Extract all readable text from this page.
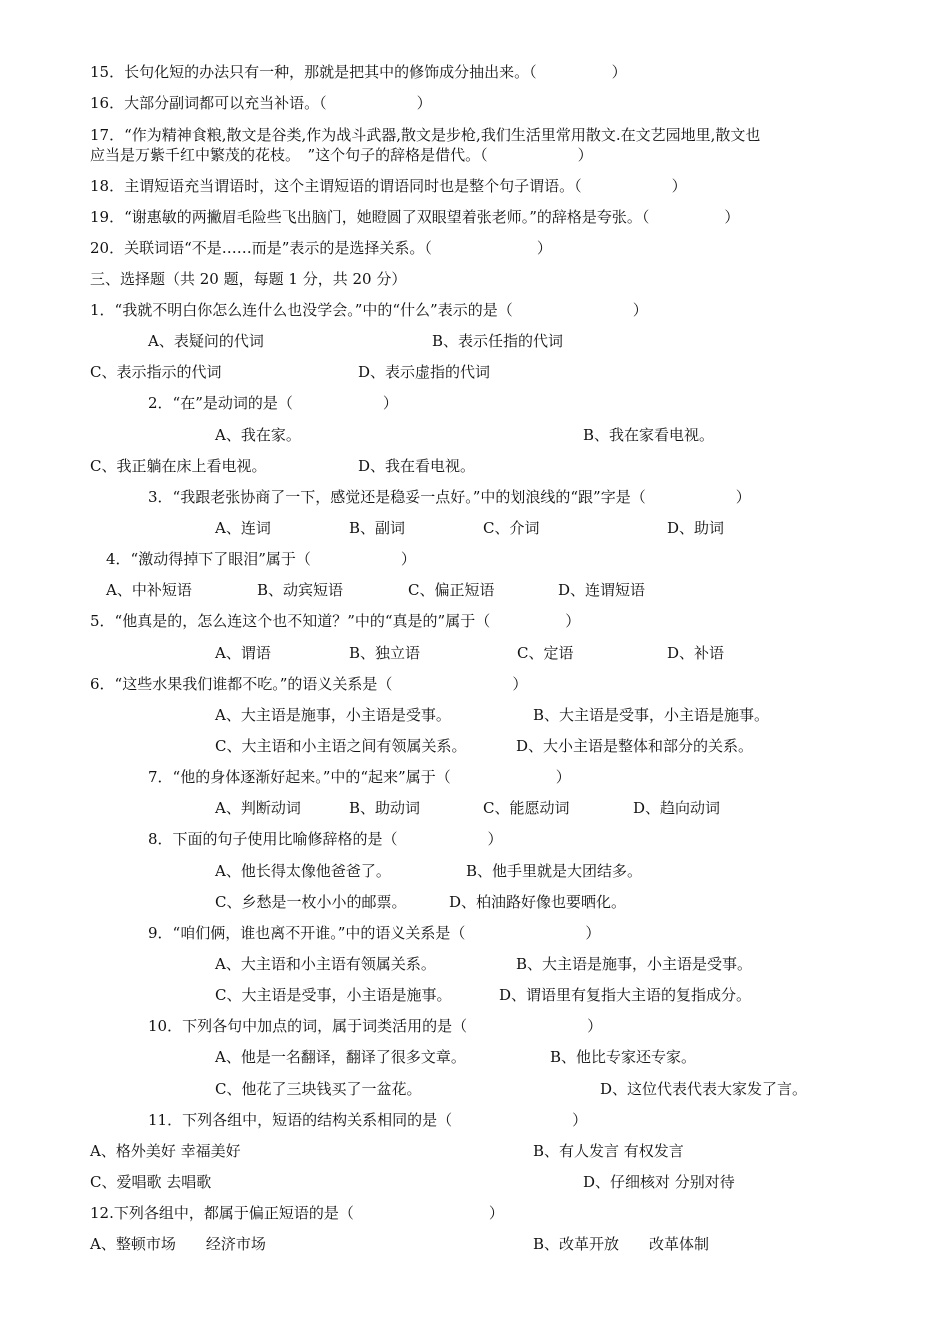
15．长句化短的办法只有一种，那就是把其中的修饰成分抽出来。（　　　　　）
16．大部分副词都可以充当补语。（　　　　　　）
17．“作为精神食粮,散文是谷类,作为战斗武器,散文是步枪,我们生活里常用散文.在文艺园地里,散文也
应当是万紫千红中繁茂的花枝。　”这个句子的辞格是借代。（　　　　　　）
18．主谓短语充当谓语时，这个主谓短语的谓语同时也是整个句子谓语。（　　　　　　）
19．“谢惠敏的两撇眉毛险些飞出脑门，她瞪圆了双眼望着张老师。”的辞格是夸张。（　　　　　）
20．关联词语“不是……而是”表示的是选择关系。（　　　　　　　）
三、选择题（共 20 题，每题 1 分，共 20 分）
1．“我就不明白你怎么连什么也没学会。”中的“什么”表示的是（　　　　　　　　）
A、表疑问的代词	B、表示任指的代词
C、表示指示的代词	D、表示虚指的代词
2．“在”是动词的是（　　　　　　）
A、我在家。	B、我在家看电视。
C、我正躺在床上看电视。	D、我在看电视。
3．“我跟老张协商了一下，感觉还是稳妥一点好。”中的划浪线的“跟”字是（　　　　　　）
A、连词	B、副词	C、介词	D、助词
4．“激动得掉下了眼泪”属于（　　　　　　）
A、中补短语	B、动宾短语	C、偏正短语	D、连谓短语
5．“他真是的，怎么连这个也不知道？”中的“真是的”属于（　　　　　）
A、谓语	B、独立语	C、定语	D、补语
6．“这些水果我们谁都不吃。”的语义关系是（　　　　　　　　）
A、大主语是施事，小主语是受事。	B、大主语是受事，小主语是施事。
C、大主语和小主语之间有领属关系。	D、大小主语是整体和部分的关系。
7．“他的身体逐渐好起来。”中的“起来”属于（　　　　　　　）
A、判断动词	B、助动词	C、能愿动词	D、趋向动词
8．下面的句子使用比喻修辞格的是（　　　　　　）
A、他长得太像他爸爸了。	B、他手里就是大团结多。
C、乡愁是一枚小小的邮票。	D、柏油路好像也要晒化。
9．“咱们俩，谁也离不开谁。”中的语义关系是（　　　　　　　　）
A、大主语和小主语有领属关系。	B、大主语是施事，小主语是受事。
C、大主语是受事，小主语是施事。	D、谓语里有复指大主语的复指成分。
10．下列各句中加点的词，属于词类活用的是（　　　　　　　　）
A、他是一名翻译，翻译了很多文章。	B、他比专家还专家。
C、他花了三块钱买了一盆花。	D、这位代表代表大家发了言。
11．下列各组中，短语的结构关系相同的是（　　　　　　　　）
A、格外美好 幸福美好	B、有人发言 有权发言
C、爱唱歌 去唱歌	D、仔细核对 分别对待
12.下列各组中，都属于偏正短语的是（　　　　　　　　　）
A、整顿市场　　经济市场	B、改革开放　　改革体制
